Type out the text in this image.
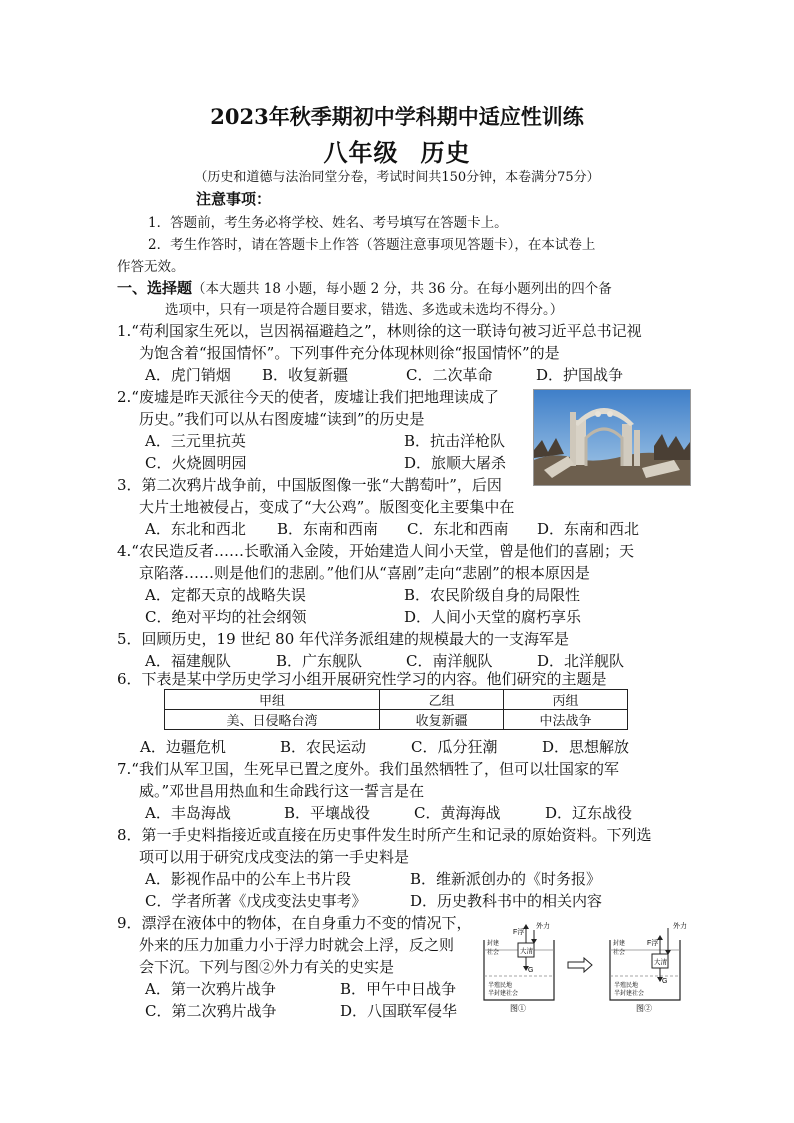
2023年秋季期初中学科期中适应性训练
八年级 历史
（历史和道德与法治同堂分卷，考试时间共150分钟，本卷满分75分）
注意事项：
1．答题前，考生务必将学校、姓名、考号填写在答题卡上。
2．考生作答时，请在答题卡上作答（答题注意事项见答题卡），在本试卷上
作答无效。
一、选择题（本大题共 18 小题，每小题 2 分，共 36 分。在每小题列出的四个备
选项中，只有一项是符合题目要求，错选、多选或未选均不得分。）
1.“苟利国家生死以，岂因祸福避趋之”，林则徐的这一联诗句被习近平总书记视
为饱含着“报国情怀”。下列事件充分体现林则徐“报国情怀”的是
A．虎门销烟 B．收复新疆	C．二次革命	D．护国战争
2.“废墟是昨天派往今天的使者，废墟让我们把地理读成了
历史。”我们可以从右图废墟“读到”的历史是
A．三元里抗英	B．抗击洋枪队
C．火烧圆明园	D．旅顺大屠杀
3．第二次鸦片战争前，中国版图像一张“大鹊萄叶”，后因
大片土地被侵占，变成了“大公鸡”。版图变化主要集中在
A．东北和西北 B．东南和西南 C．东北和西南 D．东南和西北
4.“农民造反者……长歌涌入金陵，开始建造人间小天堂，曾是他们的喜剧；天
京陷落……则是他们的悲剧。”他们从“喜剧”走向“悲剧”的根本原因是
A．定都天京的战略失误	B．农民阶级自身的局限性
C．绝对平均的社会纲领	D．人间小天堂的腐朽享乐
5．回顾历史，19 世纪 80 年代洋务派组建的规模最大的一支海军是
A．福建舰队	B．广东舰队	C．南洋舰队	D．北洋舰队
6．下表是某中学历史学习小组开展研究性学习的内容。他们研究的主题是
甲组	乙组	丙组
美、日侵略台湾	收复新疆	中法战争
A．边疆危机	B．农民运动	C．瓜分狂潮	D．思想解放
7.“我们从军卫国，生死早已置之度外。我们虽然牺牲了，但可以壮国家的军
威。”邓世昌用热血和生命践行这一誓言是在
A．丰岛海战	B．平壤战役	C．黄海海战	D．辽东战役
8．第一手史料指接近或直接在历史事件发生时所产生和记录的原始资料。下列选
项可以用于研究戊戌变法的第一手史料是
A．影视作品中的公车上书片段	B．维新派创办的《时务报》
C．学者所著《戊戌变法史事考》	D．历史教科书中的相关内容
9．漂浮在液体中的物体，在自身重力不变的情况下，
外来的压力加重力小于浮力时就会上浮，反之则
会下沉。下列与图②外力有关的史实是
A．第一次鸦片战争	B．甲午中日战争
C．第二次鸦片战争	D．八国联军侵华
外力
F浮
大清
G
封建
社会
半殖民地
半封建社会
图①
外力
F浮
大清
G
封建
社会
半殖民地
半封建社会
图②
